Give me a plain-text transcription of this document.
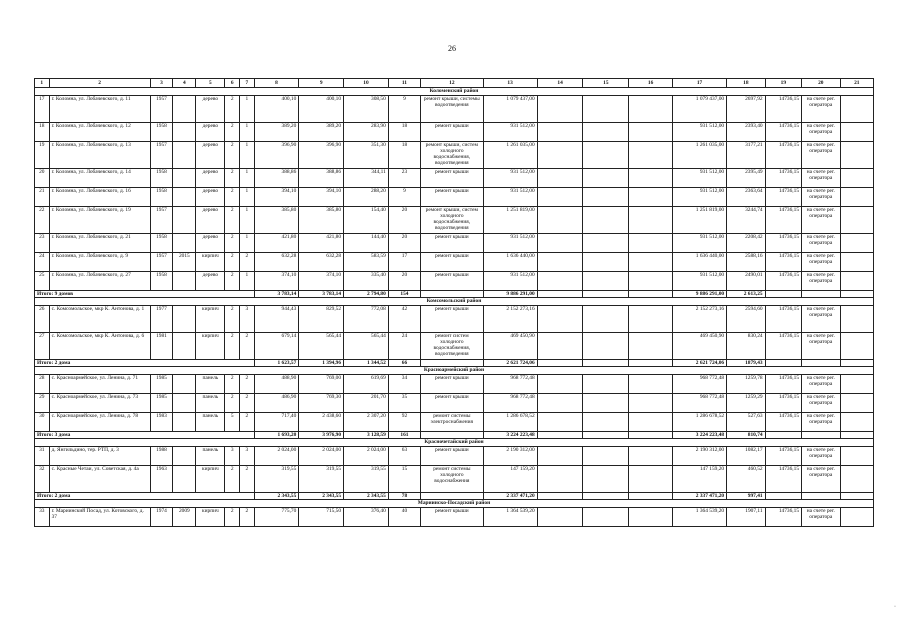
26
1	2	3	4	5	6	7	8	9	10	11	12	13	14	15	16	17	18	19	20	21
Коломенский район																				
17	г. Коломна, ул. Лобачевского, д. 11	1957		дерево	2	1	400,10	400,10	308,50	9	ремонт крыши, системы водоотведения	1 079 437,00				1 079 437,00	2697,92	14736,15	на счете рег. оператора	
18	г. Коломна, ул. Лобачевского, д. 12	1958		дерево	2	1	389,20	389,20	283,90	18	ремонт крыши	931 512,00				931 512,00	2393,40	14736,15	на счете рег. оператора	
19	г. Коломна, ул. Лобачевского, д. 13	1957		дерево	2	1	396,90	396,90	351,30	18	ремонт крыши, систем холодного водоснабжения, водоотведения	1 261 035,00				1 261 035,00	3177,21	14736,15	на счете рег. оператора	
20	г. Коломна, ул. Лобачевского, д. 14	1958		дерево	2	1	388,86	388,86	344,11	23	ремонт крыши	931 512,00				931 512,00	2395,49	14736,15	на счете рег. оператора	
21	г. Коломна, ул. Лобачевского, д. 16	1958		дерево	2	1	394,10	394,10	288,20	9	ремонт крыши	931 512,00				931 512,00	2363,64	14736,15	на счете рег. оператора	
22	г. Коломна, ул. Лобачевского, д. 19	1957		дерево	2	1	385,80	385,80	154,40	20	ремонт крыши, систем холодного водоснабжения, водоотведения	1 251 819,00				1 251 819,00	3244,74	14736,15	на счете рег. оператора	
23	г. Коломна, ул. Лобачевского, д. 21	1958		дерево	2	1	421,80	421,80	144,40	20	ремонт крыши	931 512,00				931 512,00	2208,42	14736,15	на счете рег. оператора	
24	г. Коломна, ул. Лобачевского, д. 9	1957	2015	кирпич	2	2	632,28	632,28	583,59	17	ремонт крыши	1 636 440,00				1 636 440,00	2588,16	14736,15	на счете рег. оператора	
25	г. Коломна, ул. Лобачевского, д. 27	1958		дерево	2	1	374,10	374,10	335,40	20	ремонт крыши	931 512,00				931 512,00	2490,01	14736,15	на счете рег. оператора	
Итого: 9 домов							3 783,14	3 783,14	2 794,80	154		9 886 291,00				9 886 291,00	2 613,25			
Комсомольский район																				
26	с. Комсомольское, мкр К. Антонова, д. 1	1977		кирпич	2	3	944,43	829,52	772,08	42	ремонт крыши	2 152 273,16				2 152 273,16	2594,60	14736,15	на счете рег. оператора	
27	с. Комсомольское, мкр К. Антонова, д. 6	1981		кирпич	2	2	679,14	565,44	565,44	24	ремонт систем холодного водоснабжения, водоотведения	469 450,90				469 450,90	830,24	14736,15	на счете рег. оператора	
Итого: 2 дома							1 623,57	1 394,96	1 344,52	66		2 621 724,06				2 621 724,06	1879,43			
Красноармейский район																				
28	с. Красноармейское, ул. Ленина, д. 71	1985		панель	2	2	488,90	769,00	619,69	34	ремонт крыши	968 772,48				968 772,48	1259,78	14736,15	на счете рег. оператора	
29	с. Красноармейское, ул. Ленина, д. 73	1985		панель	2	2	486,90	769,30	201,70	35	ремонт крыши	968 772,48				968 772,48	1259,29	14736,15	на счете рег. оператора	
30	с. Красноармейское, ул. Ленина, д. 78	1983		панель	5	2	717,40	2 438,60	2 307,20	92	ремонт системы электроснабжения	1 286 678,52				1 286 678,52	527,63	14736,15	на счете рег. оператора	
Итого: 3 дома							1 693,20	3 976,90	3 128,59	161		3 224 223,48				3 224 223,48	810,74			
Красночетайский район																				
31	д. Янгильдино, тер. РТП, д. 3	1988		панель	3	3	2 024,00	2 024,00	2 024,00	63	ремонт крыши	2 190 312,00				2 190 312,00	1082,17	14736,15	на счете рег. оператора	
32	с. Красные Четаи, ул. Советская, д. 4а	1963		кирпич	2	2	319,55	319,55	319,55	15	ремонт системы холодного водоснабжения	147 159,20				147 159,20	460,52	14736,15	на счете рег. оператора	
Итого: 2 дома							2 343,55	2 343,55	2 343,55	78		2 337 471,20				2 337 471,20	997,41			
Мариинско-Посадский район																				
33	г. Мариинский Посад, ул. Котовского, д. 37	1974	2009	кирпич	2	2	775,70	715,50	376,40	40	ремонт крыши	1 364 539,20				1 364 539,20	1907,11	14736,15	на счете рег. оператора	
·
